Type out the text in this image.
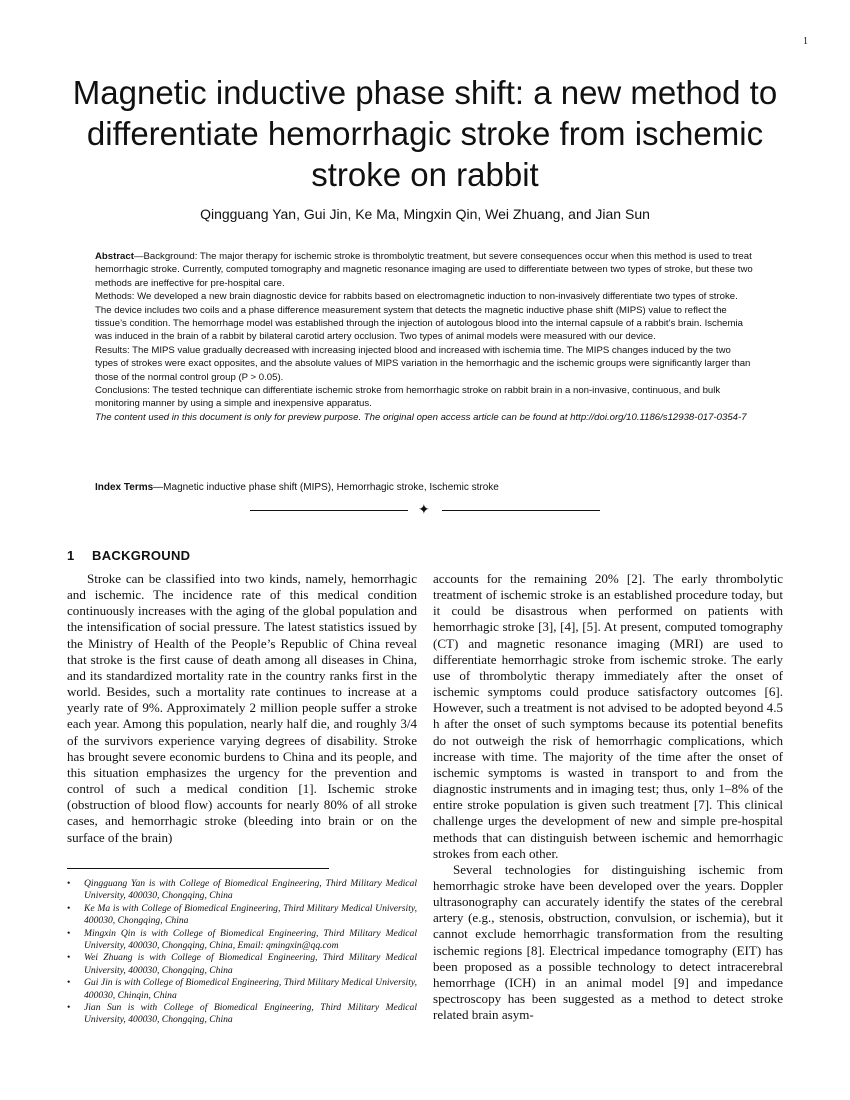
1
Magnetic inductive phase shift: a new method to differentiate hemorrhagic stroke from ischemic stroke on rabbit
Qingguang Yan, Gui Jin, Ke Ma, Mingxin Qin, Wei Zhuang, and Jian Sun

Abstract—Background: The major therapy for ischemic stroke is thrombolytic treatment, but severe consequences occur when this method is used to treat hemorrhagic stroke. Currently, computed tomography and magnetic resonance imaging are used to differentiate between two types of stroke, but these two methods are ineffective for pre-hospital care.

Methods: We developed a new brain diagnostic device for rabbits based on electromagnetic induction to non-invasively differentiate two types of stroke. The device includes two coils and a phase difference measurement system that detects the magnetic inductive phase shift (MIPS) value to reflect the tissue’s condition. The hemorrhage model was established through the injection of autologous blood into the internal capsule of a rabbit’s brain. Ischemia was induced in the brain of a rabbit by bilateral carotid artery occlusion. Two types of animal models were measured with our device.

Results: The MIPS value gradually decreased with increasing injected blood and increased with ischemia time. The MIPS changes induced by the two types of strokes were exact opposites, and the absolute values of MIPS variation in the hemorrhagic and the ischemic groups were significantly larger than those of the normal control group (P > 0.05).

Conclusions: The tested technique can differentiate ischemic stroke from hemorrhagic stroke on rabbit brain in a non-invasive, continuous, and bulk monitoring manner by using a simple and inexpensive apparatus.

The content used in this document is only for preview purpose. The original open access article can be found at http://doi.org/10.1186/s12938-017-0354-7

Index Terms—Magnetic inductive phase shift (MIPS), Hemorrhagic stroke, Ischemic stroke
✦
1 BACKGROUND

Stroke can be classified into two kinds, namely, hemorrhagic and ischemic. The incidence rate of this medical condition continuously increases with the aging of the global population and the intensification of social pressure. The latest statistics issued by the Ministry of Health of the People’s Republic of China reveal that stroke is the first cause of death among all diseases in China, and its standardized mortality rate in the country ranks first in the world. Besides, such a mortality rate continues to increase at a yearly rate of 9%. Approximately 2 million people suffer a stroke each year. Among this population, nearly half die, and roughly 3/4 of the survivors experience varying degrees of disability. Stroke has brought severe economic burdens to China and its people, and this situation emphasizes the urgency for the prevention and control of such a medical condition [1]. Ischemic stroke (obstruction of blood flow) accounts for nearly 80% of all stroke cases, and hemorrhagic stroke (bleeding into brain or on the surface of the brain)

• Qingguang Yan is with College of Biomedical Engineering, Third Military Medical University, 400030, Chongqing, China
• Ke Ma is with College of Biomedical Engineering, Third Military Medical University, 400030, Chongqing, China
• Mingxin Qin is with College of Biomedical Engineering, Third Military Medical University, 400030, Chongqing, China, Email: qmingxin@qq.com
• Wei Zhuang is with College of Biomedical Engineering, Third Military Medical University, 400030, Chongqing, China
• Gui Jin is with College of Biomedical Engineering, Third Military Medical University, 400030, Chinqin, China
• Jian Sun is with College of Biomedical Engineering, Third Military Medical University, 400030, Chongqing, China

accounts for the remaining 20% [2]. The early thrombolytic treatment of ischemic stroke is an established procedure today, but it could be disastrous when performed on patients with hemorrhagic stroke [3], [4], [5]. At present, computed tomography (CT) and magnetic resonance imaging (MRI) are used to differentiate hemorrhagic stroke from ischemic stroke. The early use of thrombolytic therapy immediately after the onset of ischemic symptoms could produce satisfactory outcomes [6]. However, such a treatment is not advised to be adopted beyond 4.5 h after the onset of such symptoms because its potential benefits do not outweigh the risk of hemorrhagic complications, which increase with time. The majority of the time after the onset of ischemic symptoms is wasted in transport to and from the diagnostic instruments and in imaging test; thus, only 1–8% of the entire stroke population is given such treatment [7]. This clinical challenge urges the development of new and simple pre-hospital methods that can distinguish between ischemic and hemorrhagic strokes from each other.

Several technologies for distinguishing ischemic from hemorrhagic stroke have been developed over the years. Doppler ultrasonography can accurately identify the states of the cerebral artery (e.g., stenosis, obstruction, convulsion, or ischemia), but it cannot exclude hemorrhagic transformation from the resulting ischemic regions [8]. Electrical impedance tomography (EIT) has been proposed as a possible technology to detect intracerebral hemorrhage (ICH) in an animal model [9] and impedance spectroscopy has been suggested as a method to detect stroke related brain asym-
